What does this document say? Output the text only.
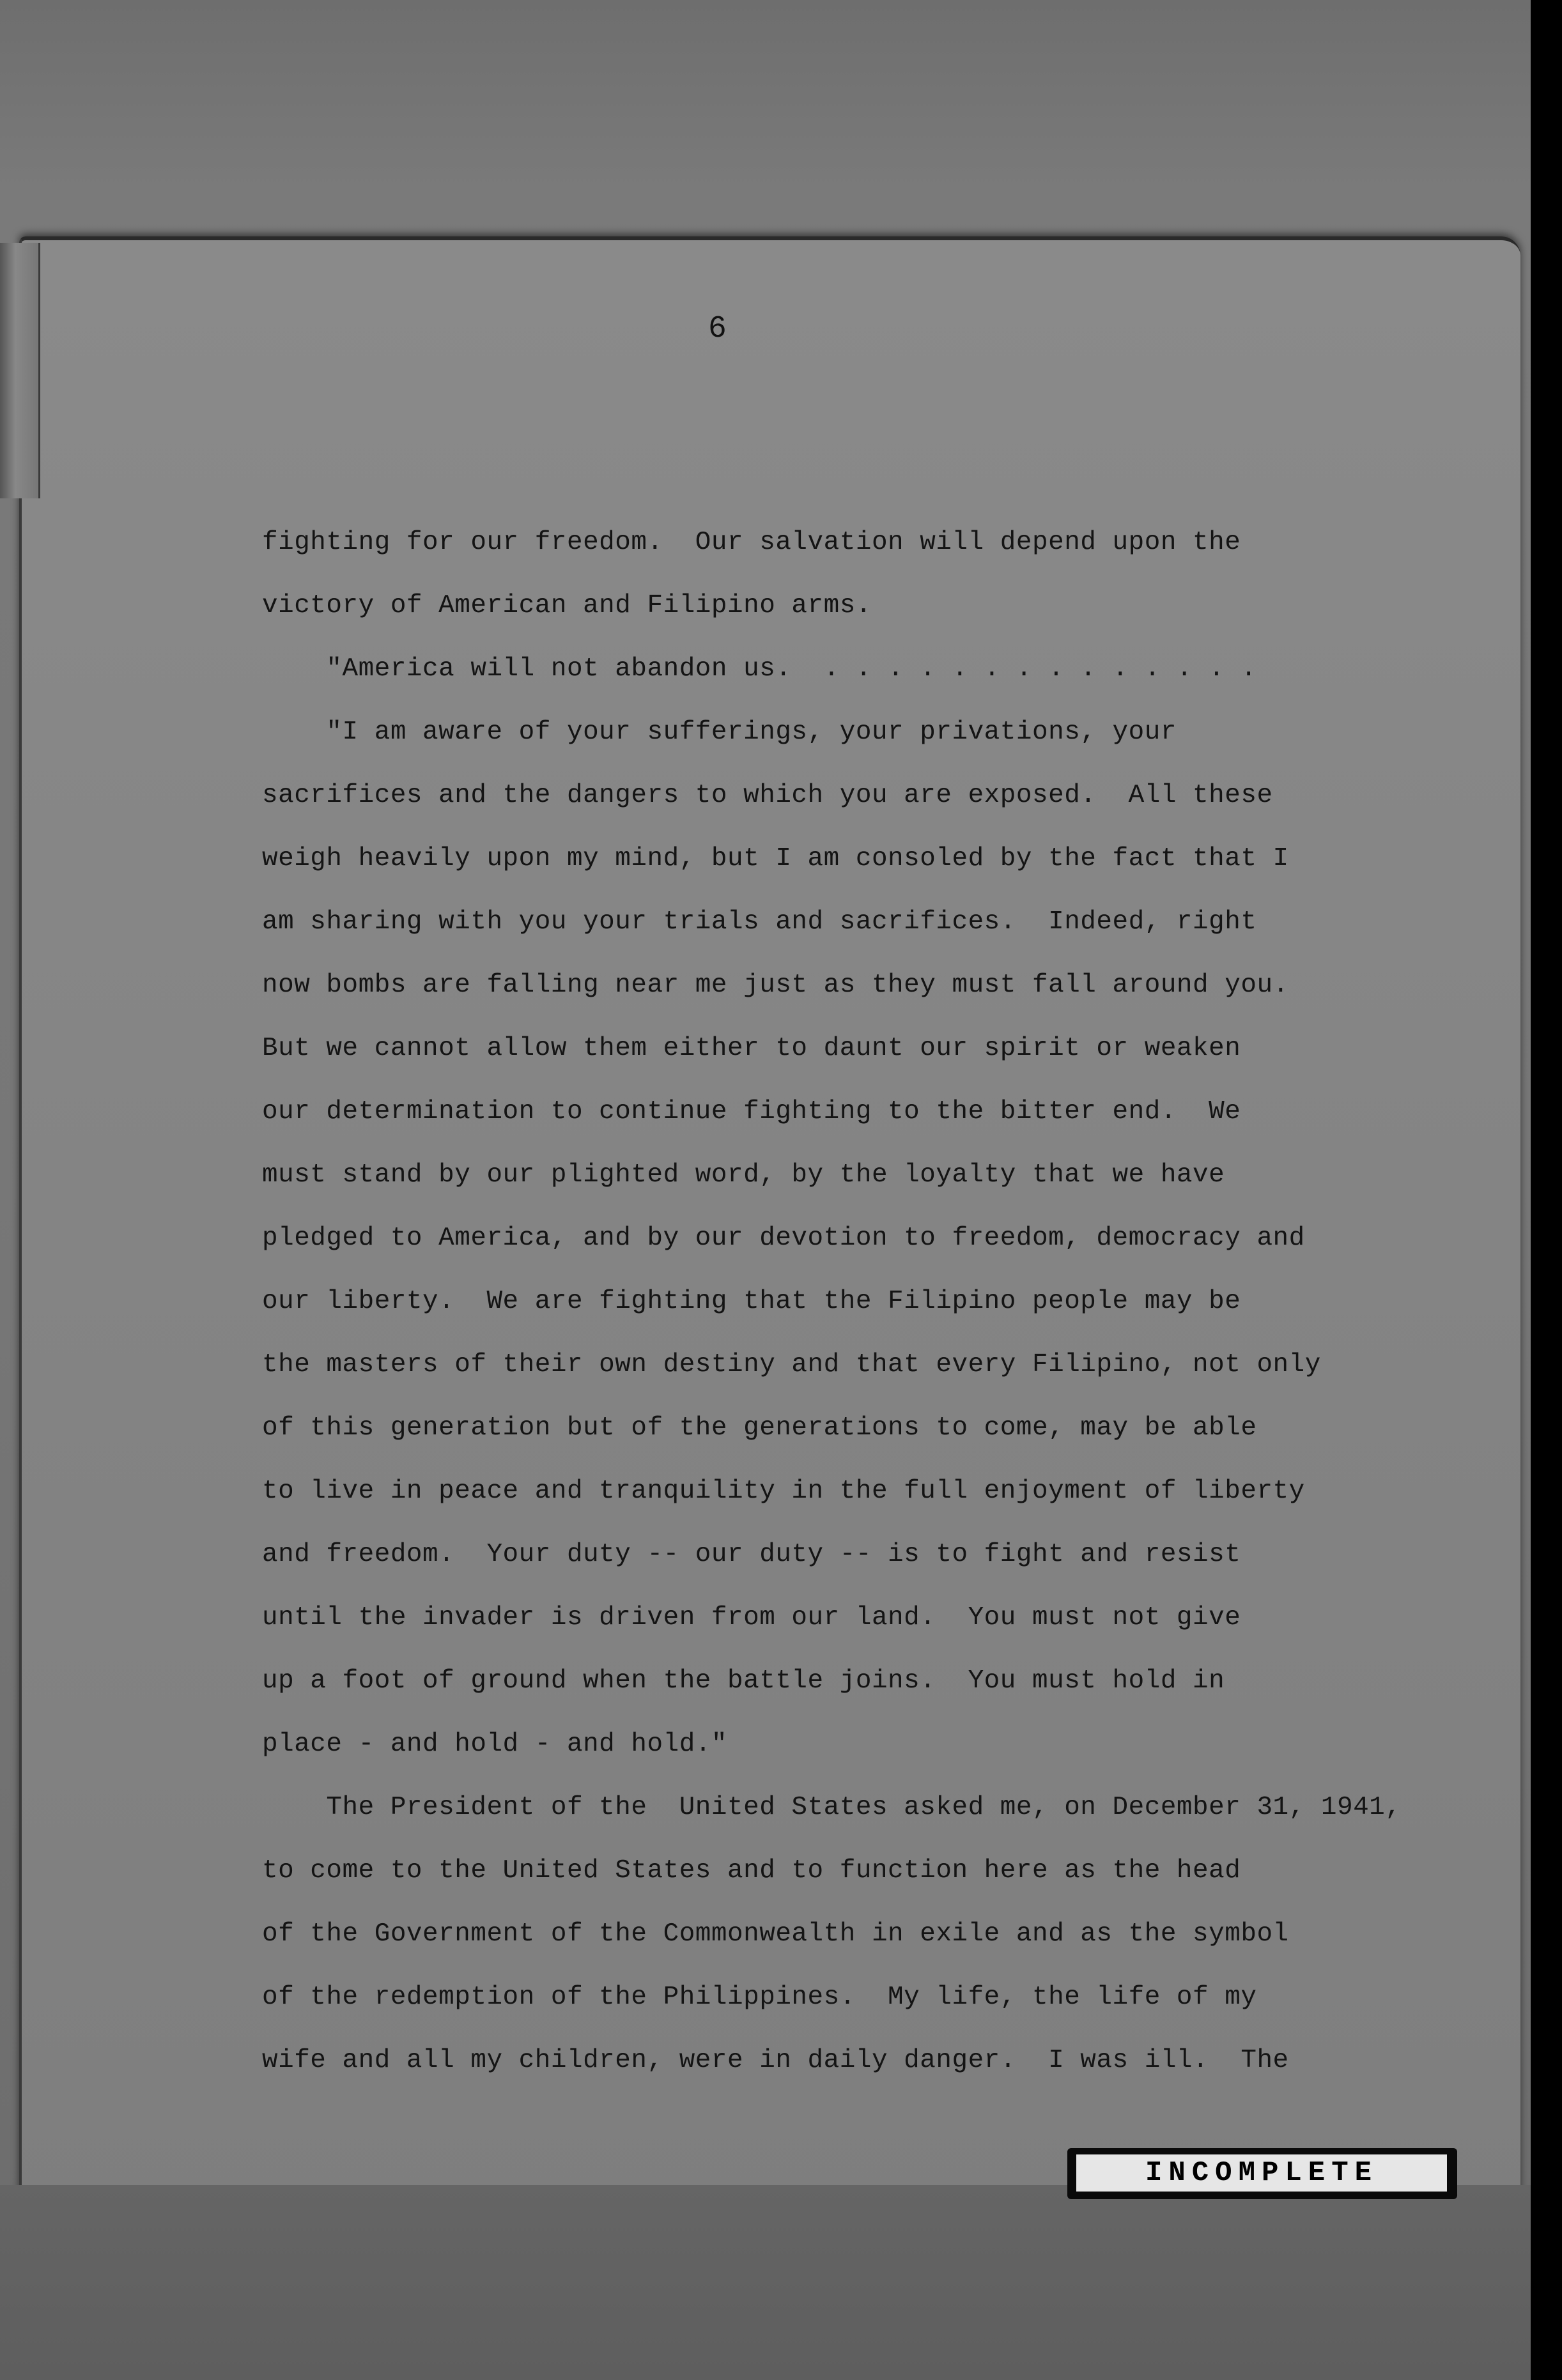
6
fighting for our freedom.  Our salvation will depend upon the
victory of American and Filipino arms.
"America will not abandon us.  . . . . . . . . . . . . . .
"I am aware of your sufferings, your privations, your
sacrifices and the dangers to which you are exposed.  All these
weigh heavily upon my mind, but I am consoled by the fact that I
am sharing with you your trials and sacrifices.  Indeed, right
now bombs are falling near me just as they must fall around you.
But we cannot allow them either to daunt our spirit or weaken
our determination to continue fighting to the bitter end.  We
must stand by our plighted word, by the loyalty that we have
pledged to America, and by our devotion to freedom, democracy and
our liberty.  We are fighting that the Filipino people may be
the masters of their own destiny and that every Filipino, not only
of this generation but of the generations to come, may be able
to live in peace and tranquility in the full enjoyment of liberty
and freedom.  Your duty -- our duty -- is to fight and resist
until the invader is driven from our land.  You must not give
up a foot of ground when the battle joins.  You must hold in
place - and hold - and hold."
The President of the  United States asked me, on December 31, 1941,
to come to the United States and to function here as the head
of the Government of the Commonwealth in exile and as the symbol
of the redemption of the Philippines.  My life, the life of my
wife and all my children, were in daily danger.  I was ill.  The
INCOMPLETE
